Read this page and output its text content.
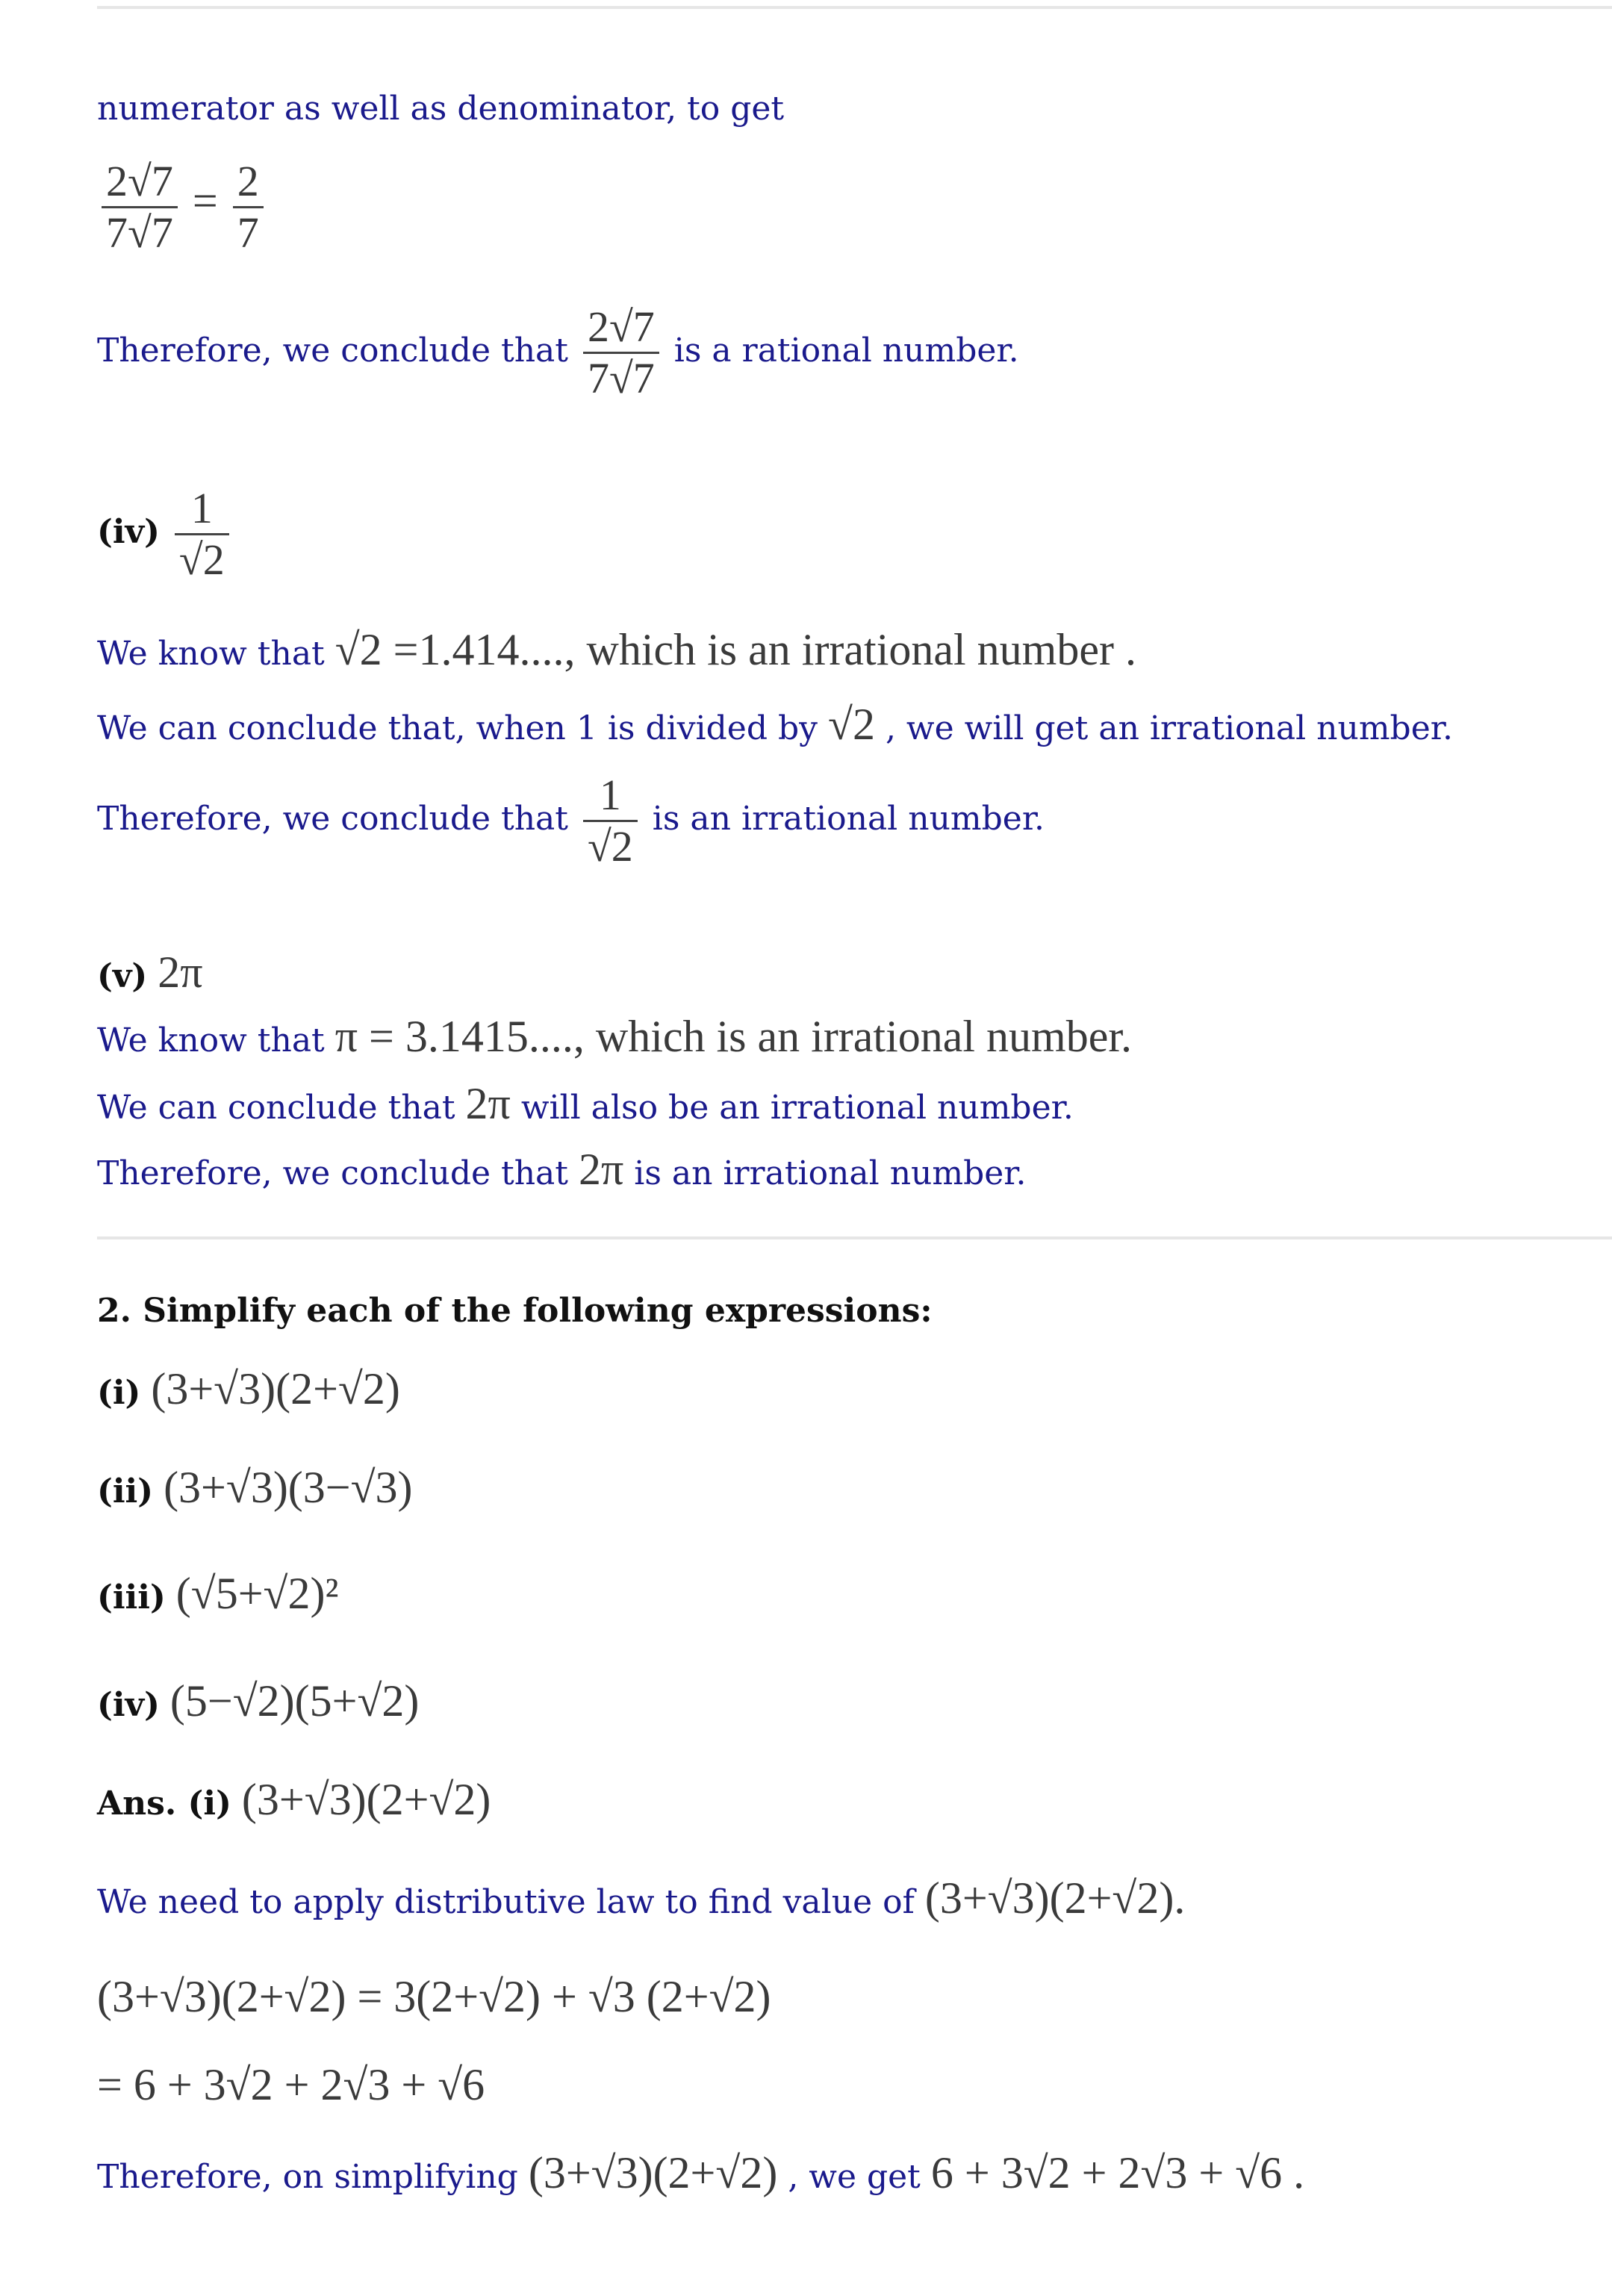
numerator as well as denominator, to get
$\frac{2√7}{7√7} = \frac{2}{7}$
Therefore, we conclude that $\frac{2√7}{7√7}$ is a rational number.
$(iv) \frac{1}{√2}$
We know that √2 =1.414...., which is an irrational number .
We can conclude that, when 1 is divided by √2 , we will get an irrational number.
Therefore, we conclude that $\frac{1}{√2}$ is an irrational number.
(v) 2π
We know that π = 3.1415...., which is an irrational number.
We can conclude that 2π will also be an irrational number.
Therefore, we conclude that 2π is an irrational number.
2. Simplify each of the following expressions:
(i) (3+√3)(2+√2)
(ii) (3+√3)(3−√3)
(iii) (√5+√2)²
(iv) (5−√2)(5+√2)
Ans. (i) (3+√3)(2+√2)
We need to apply distributive law to find value of (3+√3)(2+√2).
(3+√3)(2+√2) = 3(2+√2) + √3 (2+√2)
= 6 + 3√2 + 2√3 + √6
Therefore, on simplifying (3+√3)(2+√2) , we get 6 + 3√2 + 2√3 + √6 .
